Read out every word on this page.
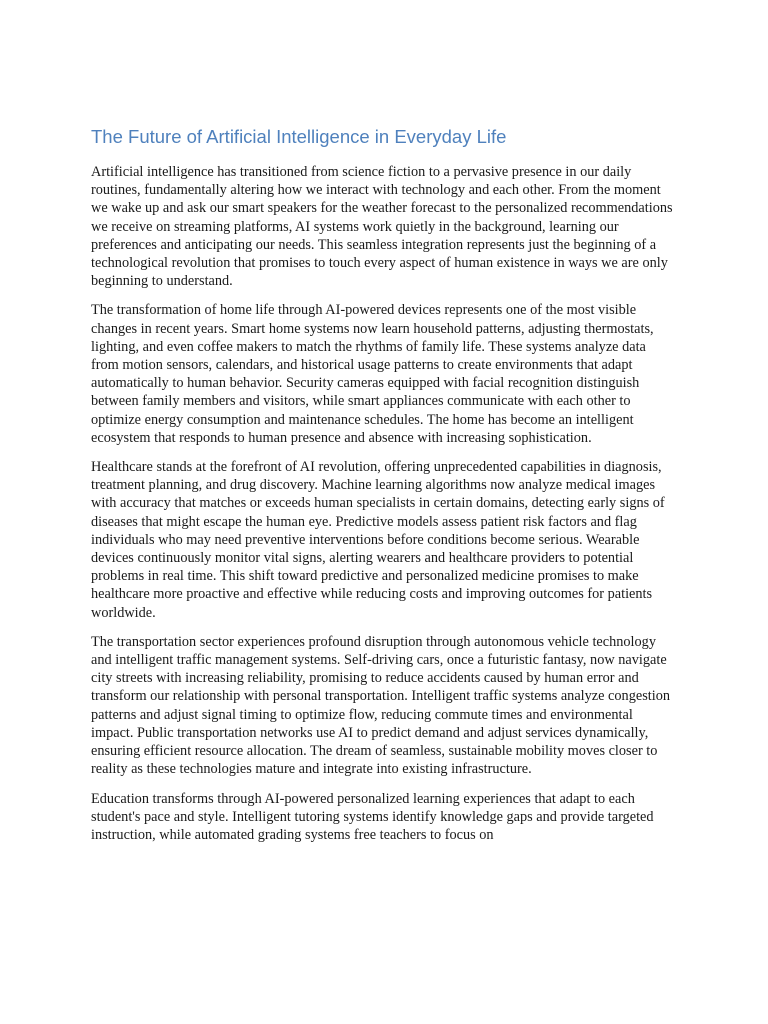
The Future of Artificial Intelligence in Everyday Life

Artificial intelligence has transitioned from science fiction to a pervasive presence in our daily routines, fundamentally altering how we interact with technology and each other. From the moment we wake up and ask our smart speakers for the weather forecast to the personalized recommendations we receive on streaming platforms, AI systems work quietly in the background, learning our preferences and anticipating our needs. This seamless integration represents just the beginning of a technological revolution that promises to touch every aspect of human existence in ways we are only beginning to understand.

The transformation of home life through AI-powered devices represents one of the most visible changes in recent years. Smart home systems now learn household patterns, adjusting thermostats, lighting, and even coffee makers to match the rhythms of family life. These systems analyze data from motion sensors, calendars, and historical usage patterns to create environments that adapt automatically to human behavior. Security cameras equipped with facial recognition distinguish between family members and visitors, while smart appliances communicate with each other to optimize energy consumption and maintenance schedules. The home has become an intelligent ecosystem that responds to human presence and absence with increasing sophistication.

Healthcare stands at the forefront of AI revolution, offering unprecedented capabilities in diagnosis, treatment planning, and drug discovery. Machine learning algorithms now analyze medical images with accuracy that matches or exceeds human specialists in certain domains, detecting early signs of diseases that might escape the human eye. Predictive models assess patient risk factors and flag individuals who may need preventive interventions before conditions become serious. Wearable devices continuously monitor vital signs, alerting wearers and healthcare providers to potential problems in real time. This shift toward predictive and personalized medicine promises to make healthcare more proactive and effective while reducing costs and improving outcomes for patients worldwide.

The transportation sector experiences profound disruption through autonomous vehicle technology and intelligent traffic management systems. Self-driving cars, once a futuristic fantasy, now navigate city streets with increasing reliability, promising to reduce accidents caused by human error and transform our relationship with personal transportation. Intelligent traffic systems analyze congestion patterns and adjust signal timing to optimize flow, reducing commute times and environmental impact. Public transportation networks use AI to predict demand and adjust services dynamically, ensuring efficient resource allocation. The dream of seamless, sustainable mobility moves closer to reality as these technologies mature and integrate into existing infrastructure.

Education transforms through AI-powered personalized learning experiences that adapt to each student's pace and style. Intelligent tutoring systems identify knowledge gaps and provide targeted instruction, while automated grading systems free teachers to focus on
